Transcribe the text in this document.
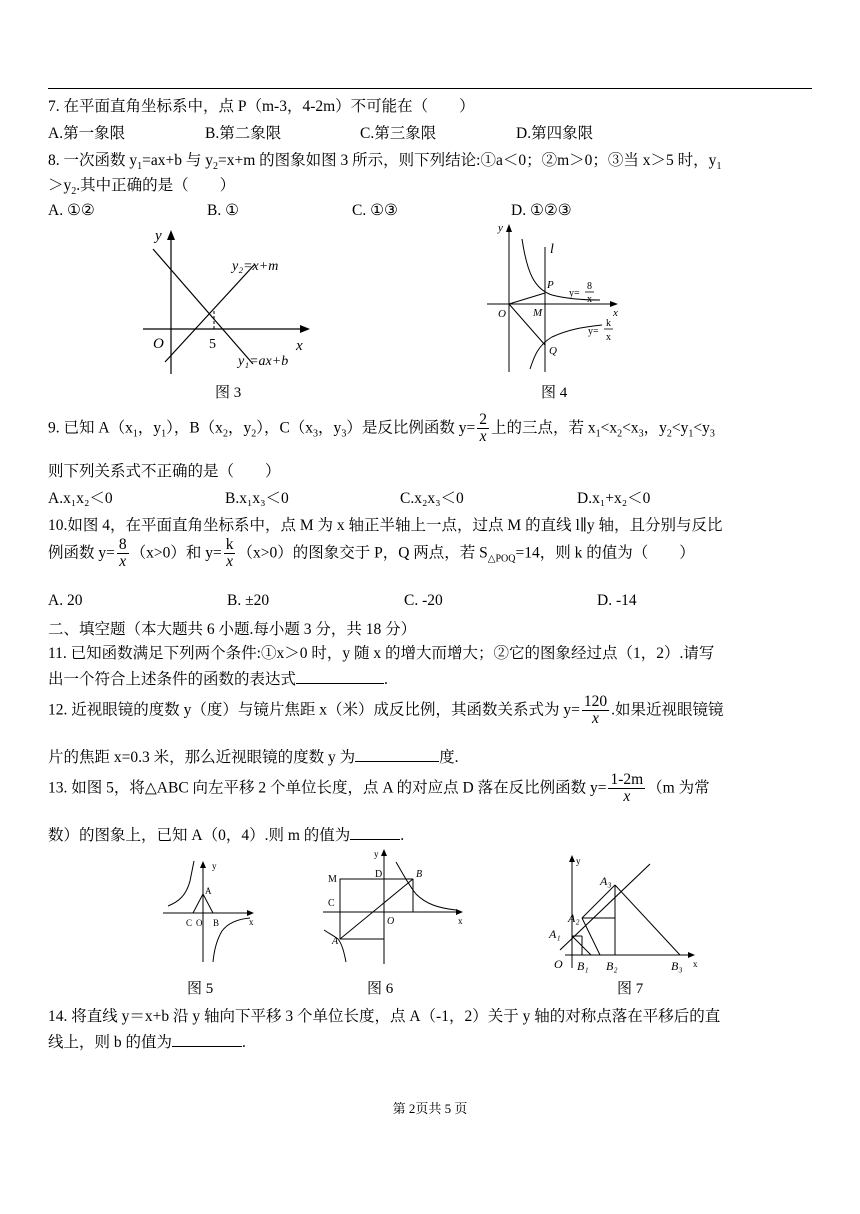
7. 在平面直角坐标系中，点 P（m-3，4-2m）不可能在（　　）
A.第一象限	B.第二象限	C.第三象限	D.第四象限
8. 一次函数 $y_1=ax+b$ 与 $y_2=x+m$ 的图象如图 3 所示，则下列结论:①a＜0；②m＞0；③当 x＞5 时，$y_1$
$>y_2$.其中正确的是（　　）
A. ①②	B. ①	C. ①③	D. ①②③
y
x
O	5
y₂=x+m
y₁=ax+b
图 3
y
x
O
l
P
M
Q
y=
8
x
y=
k
x
图 4
9. 已知 $A(x_1$，$y_1$），$B(x_2$，$y_2$），$C(x_3$，$y_3$）是反比例函数 $y= \frac{2}{x}$ 上的三点，若 $x_1<x_2<x_3$，$y_2<y_1<y_3$
则下列关系式不正确的是（　　）
A.x₁x₂＜0	B.x₁x₃＜0	C.x₂x₃＜0	D.x₁+x₂＜0
10.如图 4，在平面直角坐标系中，点 M 为 x 轴正半轴上一点，过点 M 的直线 l∥y 轴，且分别与反比
例函数 $y= \frac{8}{x} (x>0)$和 $y= \frac{k}{x} (x>0)$的图象交于 P，Q 两点，若 $S_{\triangle POQ}=14$，则 k 的值为（　　）
A. 20	B. ±20	C. -20	D. -14
二、填空题（本大题共 6 小题.每小题 3 分，共 18 分）
11. 已知函数满足下列两个条件:①x＞0 时，y 随 x 的增大而增大；②它的图象经过点（1，2）.请写
出一个符合上述条件的函数的表达式	.
12. 近视眼镜的度数 y（度）与镜片焦距 x（米）成反比例，其函数关系式为 $y= \frac{120}{x}$ .如果近视眼镜镜
片的焦距 x=0.3 米，那么近视眼镜的度数 y 为	度.
13. 如图 5，将△ABC 向左平移 2 个单位长度，点 A 的对应点 D 落在反比例函数 $y= \frac{1-2m}{x} (m$ 为常
数）的图象上，已知 A（0，4）.则 m 的值为	.
y
x
A
C O B
图 5
y
x
M	D	B
C
O
A
图 6
y
x
O
A₁
A₂
A₃
B₁ B₂	B₃
图 7
14. 将直线 y＝x+b 沿 y 轴向下平移 3 个单位长度，点 A（-1，2）关于 y 轴的对称点落在平移后的直
线上，则 b 的值为	.
第 2页共 5 页
